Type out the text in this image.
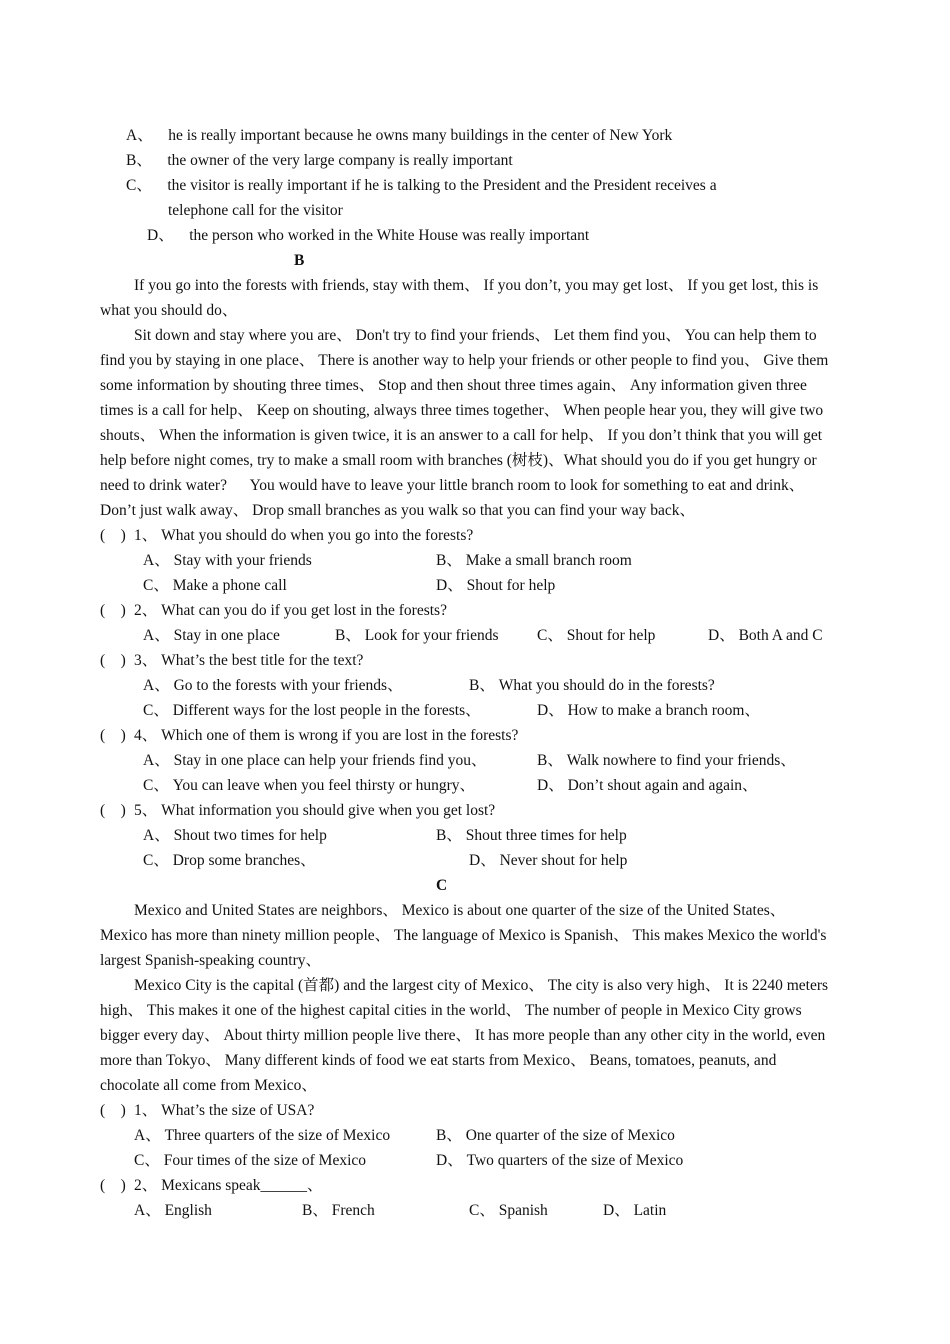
A、    he is really important because he owns many buildings in the center of New York
B、    the owner of the very large company is really important
C、    the visitor is really important if he is talking to the President and the President receives a
telephone call for the visitor
D、    the person who worked in the White House was really important
B
If you go into the forests with friends, stay with them、 If you don’t, you may get lost、 If you get lost, this is
what you should do、
Sit down and stay where you are、 Don't try to find your friends、 Let them find you、 You can help them to
find you by staying in one place、 There is another way to help your friends or other people to find you、 Give them
some information by shouting three times、 Stop and then shout three times again、 Any information given three
times is a call for help、 Keep on shouting, always three times together、 When people hear you, they will give two
shouts、 When the information is given twice, it is an answer to a call for help、 If you don’t think that you will get
help before night comes, try to make a small room with branches (树枝)、What should you do if you get hungry or
need to drink water?      You would have to leave your little branch room to look for something to eat and drink、
Don’t just walk away、 Drop small branches as you walk so that you can find your way back、
(    ) 1、 What you should do when you go into the forests?
A、 Stay with your friends	B、 Make a small branch room
C、 Make a phone call	D、 Shout for help
(    ) 2、 What can you do if you get lost in the forests?
A、 Stay in one place	B、 Look for your friends C、 Shout for help	D、 Both A and C
(    ) 3、 What’s the best title for the text?
A、 Go to the forests with your friends、	B、 What you should do in the forests?
C、 Different ways for the lost people in the forests、	D、 How to make a branch room、
(    ) 4、 Which one of them is wrong if you are lost in the forests?
A、 Stay in one place can help your friends find you、	B、 Walk nowhere to find your friends、
C、 You can leave when you feel thirsty or hungry、	D、 Don’t shout again and again、
(    ) 5、 What information you should give when you get lost?
A、 Shout two times for help	B、 Shout three times for help
C、 Drop some branches、	D、 Never shout for help
C
Mexico and United States are neighbors、 Mexico is about one quarter of the size of the United States、
Mexico has more than ninety million people、 The language of Mexico is Spanish、 This makes Mexico the world's
largest Spanish-speaking country、
Mexico City is the capital (首都) and the largest city of Mexico、 The city is also very high、 It is 2240 meters
high、 This makes it one of the highest capital cities in the world、 The number of people in Mexico City grows
bigger every day、 About thirty million people live there、 It has more people than any other city in the world, even
more than Tokyo、 Many different kinds of food we eat starts from Mexico、 Beans, tomatoes, peanuts, and
chocolate all come from Mexico、
(    ) 1、 What’s the size of USA?
A、 Three quarters of the size of Mexico	B、 One quarter of the size of Mexico
C、 Four times of the size of Mexico	D、 Two quarters of the size of Mexico
(    ) 2、 Mexicans speak______、
A、 English	B、 French	C、 Spanish	D、 Latin
